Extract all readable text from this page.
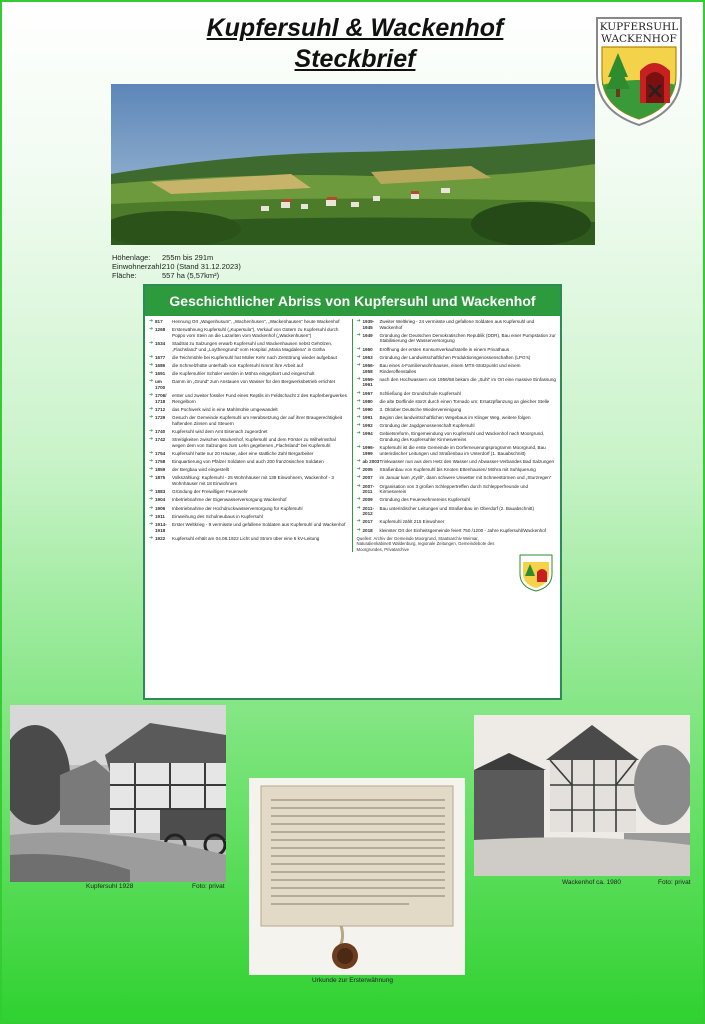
Kupfersuhl & Wackenhof
Steckbrief
KUPFERSUHL
WACKENHOF
Höhenlage:	255m bis 291m
Einwohnerzahl:
210 (Stand 31.12.2023)
Fläche:	557 ha (5,57km²)
Geschichtlicher Abriss von Kupfersuhl und Wackenhof
➜ 817	Hennung Ort „Wagenhusum“, „Wachenhusen“, „Wackenhausen“ heute Wackenhof
➜ 1268	Ersterwähnung Kupfersuhl („Kupersula“), Verkauf von Gütern zu Kupfersuhl durch Poppo vom Stein an die Lazariten vom Wackenhof („Wackenhusen“)
➜ 1534	Stadtrat zu Salzungen erwarb Kupfersuhl und Wackenhausen nebst Gehölzen, „Flachsland“ und „Loythengrund“ vom Hospital „Maria Magdalena“ in Gotha
➜ 1677	die Teichmühle bei Kupfersuhl hat Müller Kehr nach Zerstörung wieder aufgebaut
➜ 1686	die Schmelzhütte unterhalb von Kupfersuhl nimmt ihre Arbeit auf
➜ 1691	die Kupfersuhler Schüler werden in Möhra eingepfarrt und eingeschult
➜ um 1700
Damm im „Grund“ zum Anstauen von Wasser für den Bergwerksbetrieb errichtet
➜ 1706/ 1718
erster und zweiter fossiler Fund eines Reptils im Feldschacht 2 des Kupferbergwerkes Rengelborn
➜ 1712	das Pochwerk wird in eine Mahlmühle umgewandelt
➜ 1729	Gesuch der Gemeinde Kupfersuhl um Herabsetzung der auf ihrer Braugerechtigkeit haftenden Zinsen und Steuern
➜ 1740	Kupfersuhl wird dem Amt Eisenach zugeordnet
➜ 1742	Streitigkeiten zwischen Wackenhof, Kupfersuhl und dem Förster zu Wilhelmsthal wegen dem von Salzungen zum Lehn gegebenen „Flachsland“ bei Kupfersuhl
➜ 1754	Kupfersuhl hatte nur 20 Häuser, aber eine stattliche Zahl Bergarbeiter
➜ 1758	Einquartierung von Pfälzer Soldaten und auch 200 französischen Soldaten
➜ 1859	der Bergbau wird eingestellt
➜ 1875	Volkszählung: Kupfersuhl - 25 Wohnhäuser mit 139 Einwohnern, Wackenhof - 3 Wohnhäuser mit 18 Einwohnern
➜ 1883	Gründung der Freiwilligen Feuerwehr
➜ 1904	Inbetriebnahme der Eigenwasserversorgung Wackenhof
➜ 1906	Inbetriebnahme der Hochdruckwasserversorgung für Kupfersuhl
➜ 1911	Einweihung des Schulneubaus in Kupfersuhl
➜ 1914- 1918
Erster Weltkrieg - 9 vermisste und gefallene Soldaten aus Kupfersuhl und Wackenhof
➜ 1922	Kupfersuhl erhält am 04.08.1922 Licht und Strom über eine 6 kV-Leitung
➜ 1939- 1945
Zweiter Weltkrieg - 24 vermisste und gefallene Soldaten aus Kupfersuhl und Wackenhof
➜ 1949	Gründung der Deutschen Demokratischen Republik (DDR), Bau einer Pumpstation zur Stabilisierung der Wasserversorgung
➜ 1950	Eröffnung der ersten Konsumverkaufsstelle in einem Privathaus
➜ 1953	Gründung der Landwirtschaftlichen Produktionsgenossenschaften (LPG's)
➜ 1956- 1958
Bau eines 4-Familienwohnhauses, einem MTS-Stützpunkt und einem Rinderoffenstalles
➜ 1959- 1961
nach den Hochwassern von 1956/58 bekam die „Suhl“ im Ort eine massive Einfassung
➜ 1967	Schließung der Grundschule Kupfersuhl
➜ 1980	die alte Dorflinde stürzt durch einen Tornado um; Ersatzpflanzung an gleicher Stelle
➜ 1990	3. Oktober Deutsche Wiedervereinigung
➜ 1991	Beginn des landwirtschaftlichen Wegebaus im Klinger Weg, weitere folgen
➜ 1992	Gründung der Jagdgenossenschaft Kupfersuhl
➜ 1994	Gebietsreform, Eingemeindung von Kupfersuhl und Wackenhof nach Moorgrund, Gründung des Kupfersuhler Kirmesvereins
➜ 1996- 1999
Kupfersuhl ist die erste Gemeinde im Dorferneuerungsprogramm Moorgrund, Bau unterirdischer Leitungen und Straßenbau im Unterdorf (1. Bauabschnitt)
➜ ab 2003 Trinkwasser nun aus dem Hetz des Wasser und Abwasser-Verbandes Bad Salzungen
➜ 2005	Straßenbau von Kupfersuhl bis Knoten Ettenhausen/ Möhra mit Suhlquerung
➜ 2007	im Januar kam „Kyrill“, dann schwere Unwetter mit Schneestürmen und „Sturzregen“
➜ 2007- 2011
Organisation von 3 großen Schleppertreffen durch Schlepperfreunde und Kirmesverein
➜ 2009	Gründung des Feuerwehrvereins Kupfersuhl
➜ 2011- 2012
Bau unterirdischer Leitungen und Straßenbau im Oberdorf (2. Bauabschnitt)
➜ 2017	Kupfersuhl zählt 215 Einwohner
➜ 2018	kleinster Ort der Einheitsgemeinde feiert 750 /1200 - Jahre Kupfersuhl/Wackenhof
Quellen: Archiv der Gemeinde Moorgrund, Staatsarchiv Weimar, Naturalienkabinett Waldenburg, regionale Zeitungen, Gemeindebote des Moorgrundes, Privatarchive
Kupfersuhl 1928	Foto: privat
Urkunde zur Ersterwähnung
Wackenhof ca. 1980	Foto: privat
